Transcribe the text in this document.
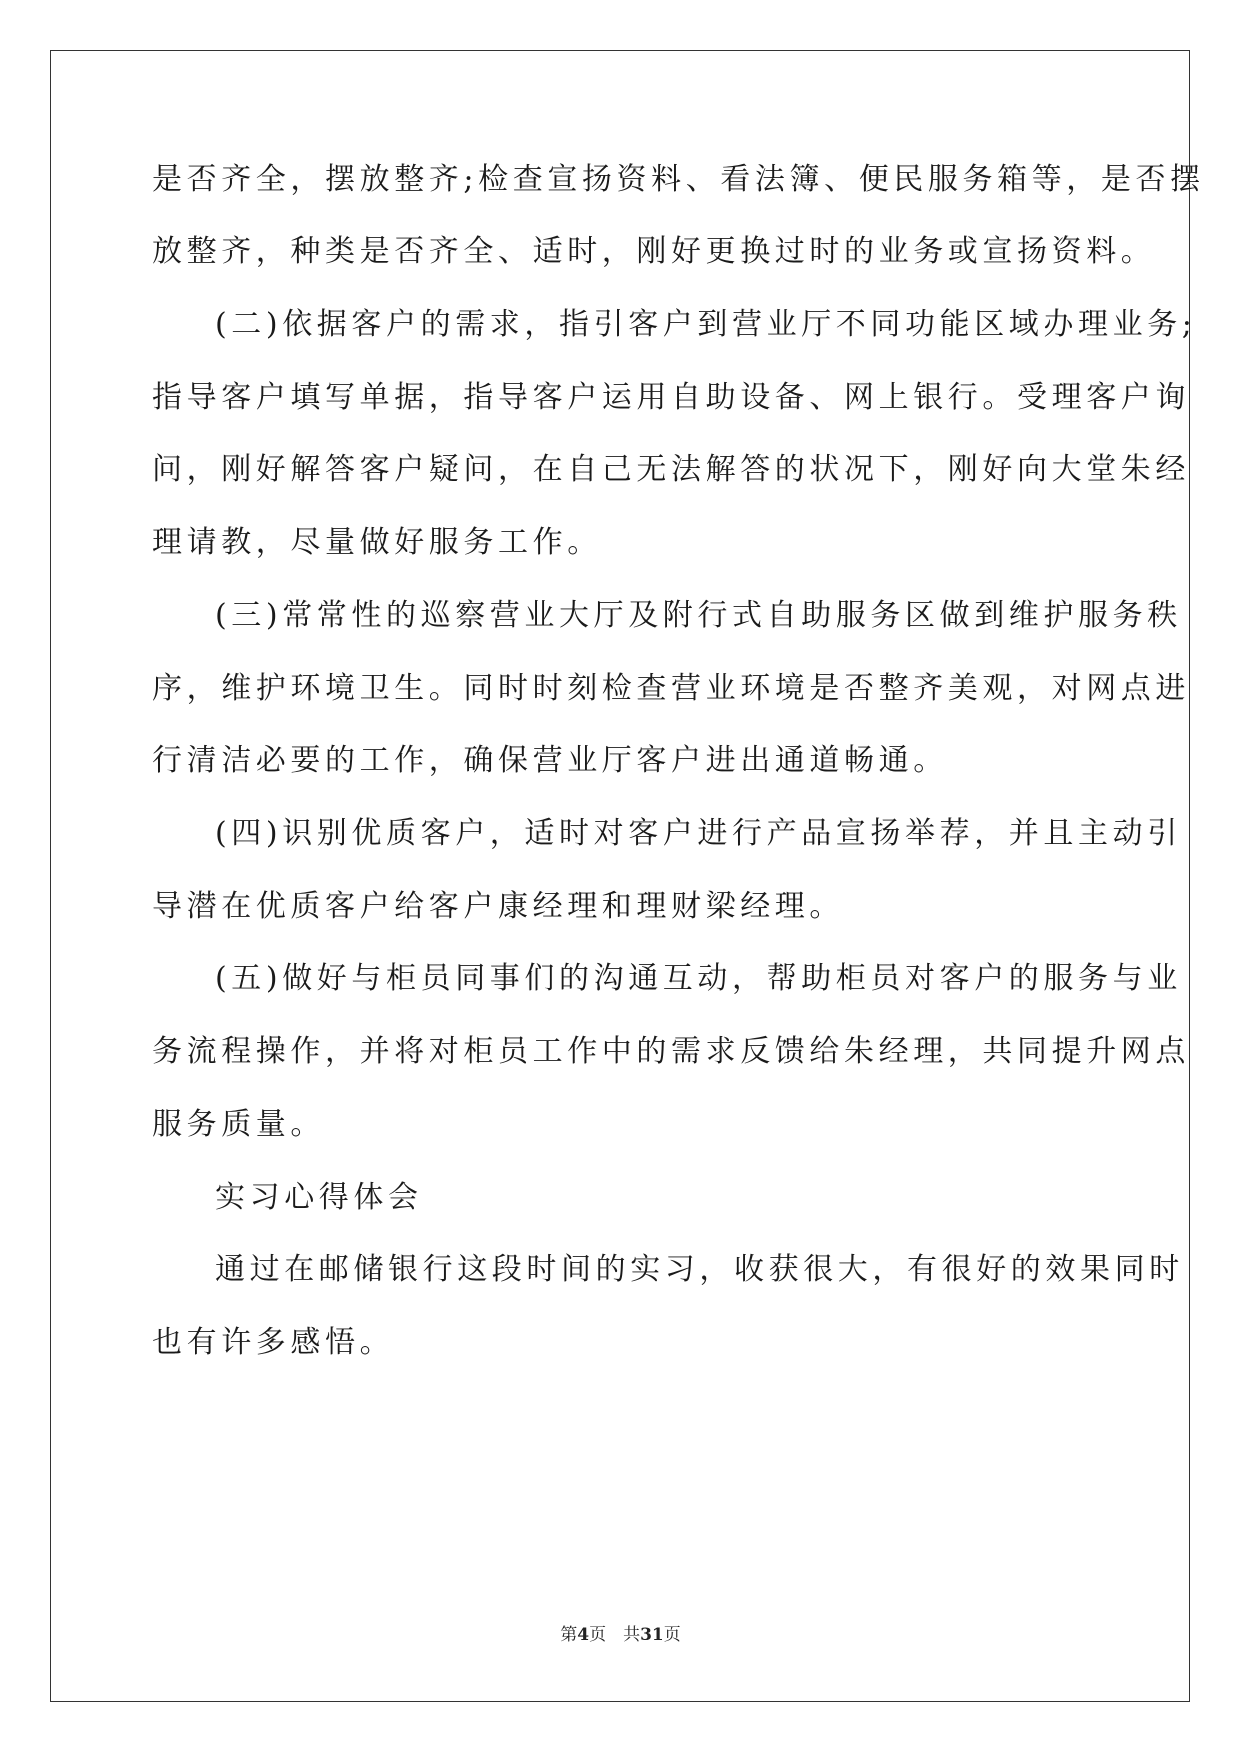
是否齐全，摆放整齐;检查宣扬资料、看法簿、便民服务箱等，是否摆
放整齐，种类是否齐全、适时，刚好更换过时的业务或宣扬资料。
(二)依据客户的需求，指引客户到营业厅不同功能区域办理业务;
指导客户填写单据，指导客户运用自助设备、网上银行。受理客户询
问，刚好解答客户疑问，在自己无法解答的状况下，刚好向大堂朱经
理请教，尽量做好服务工作。
(三)常常性的巡察营业大厅及附行式自助服务区做到维护服务秩
序，维护环境卫生。同时时刻检查营业环境是否整齐美观，对网点进
行清洁必要的工作，确保营业厅客户进出通道畅通。
(四)识别优质客户，适时对客户进行产品宣扬举荐，并且主动引
导潜在优质客户给客户康经理和理财梁经理。
(五)做好与柜员同事们的沟通互动，帮助柜员对客户的服务与业
务流程操作，并将对柜员工作中的需求反馈给朱经理，共同提升网点
服务质量。
实习心得体会
通过在邮储银行这段时间的实习，收获很大，有很好的效果同时
也有许多感悟。
第4页　共31页
